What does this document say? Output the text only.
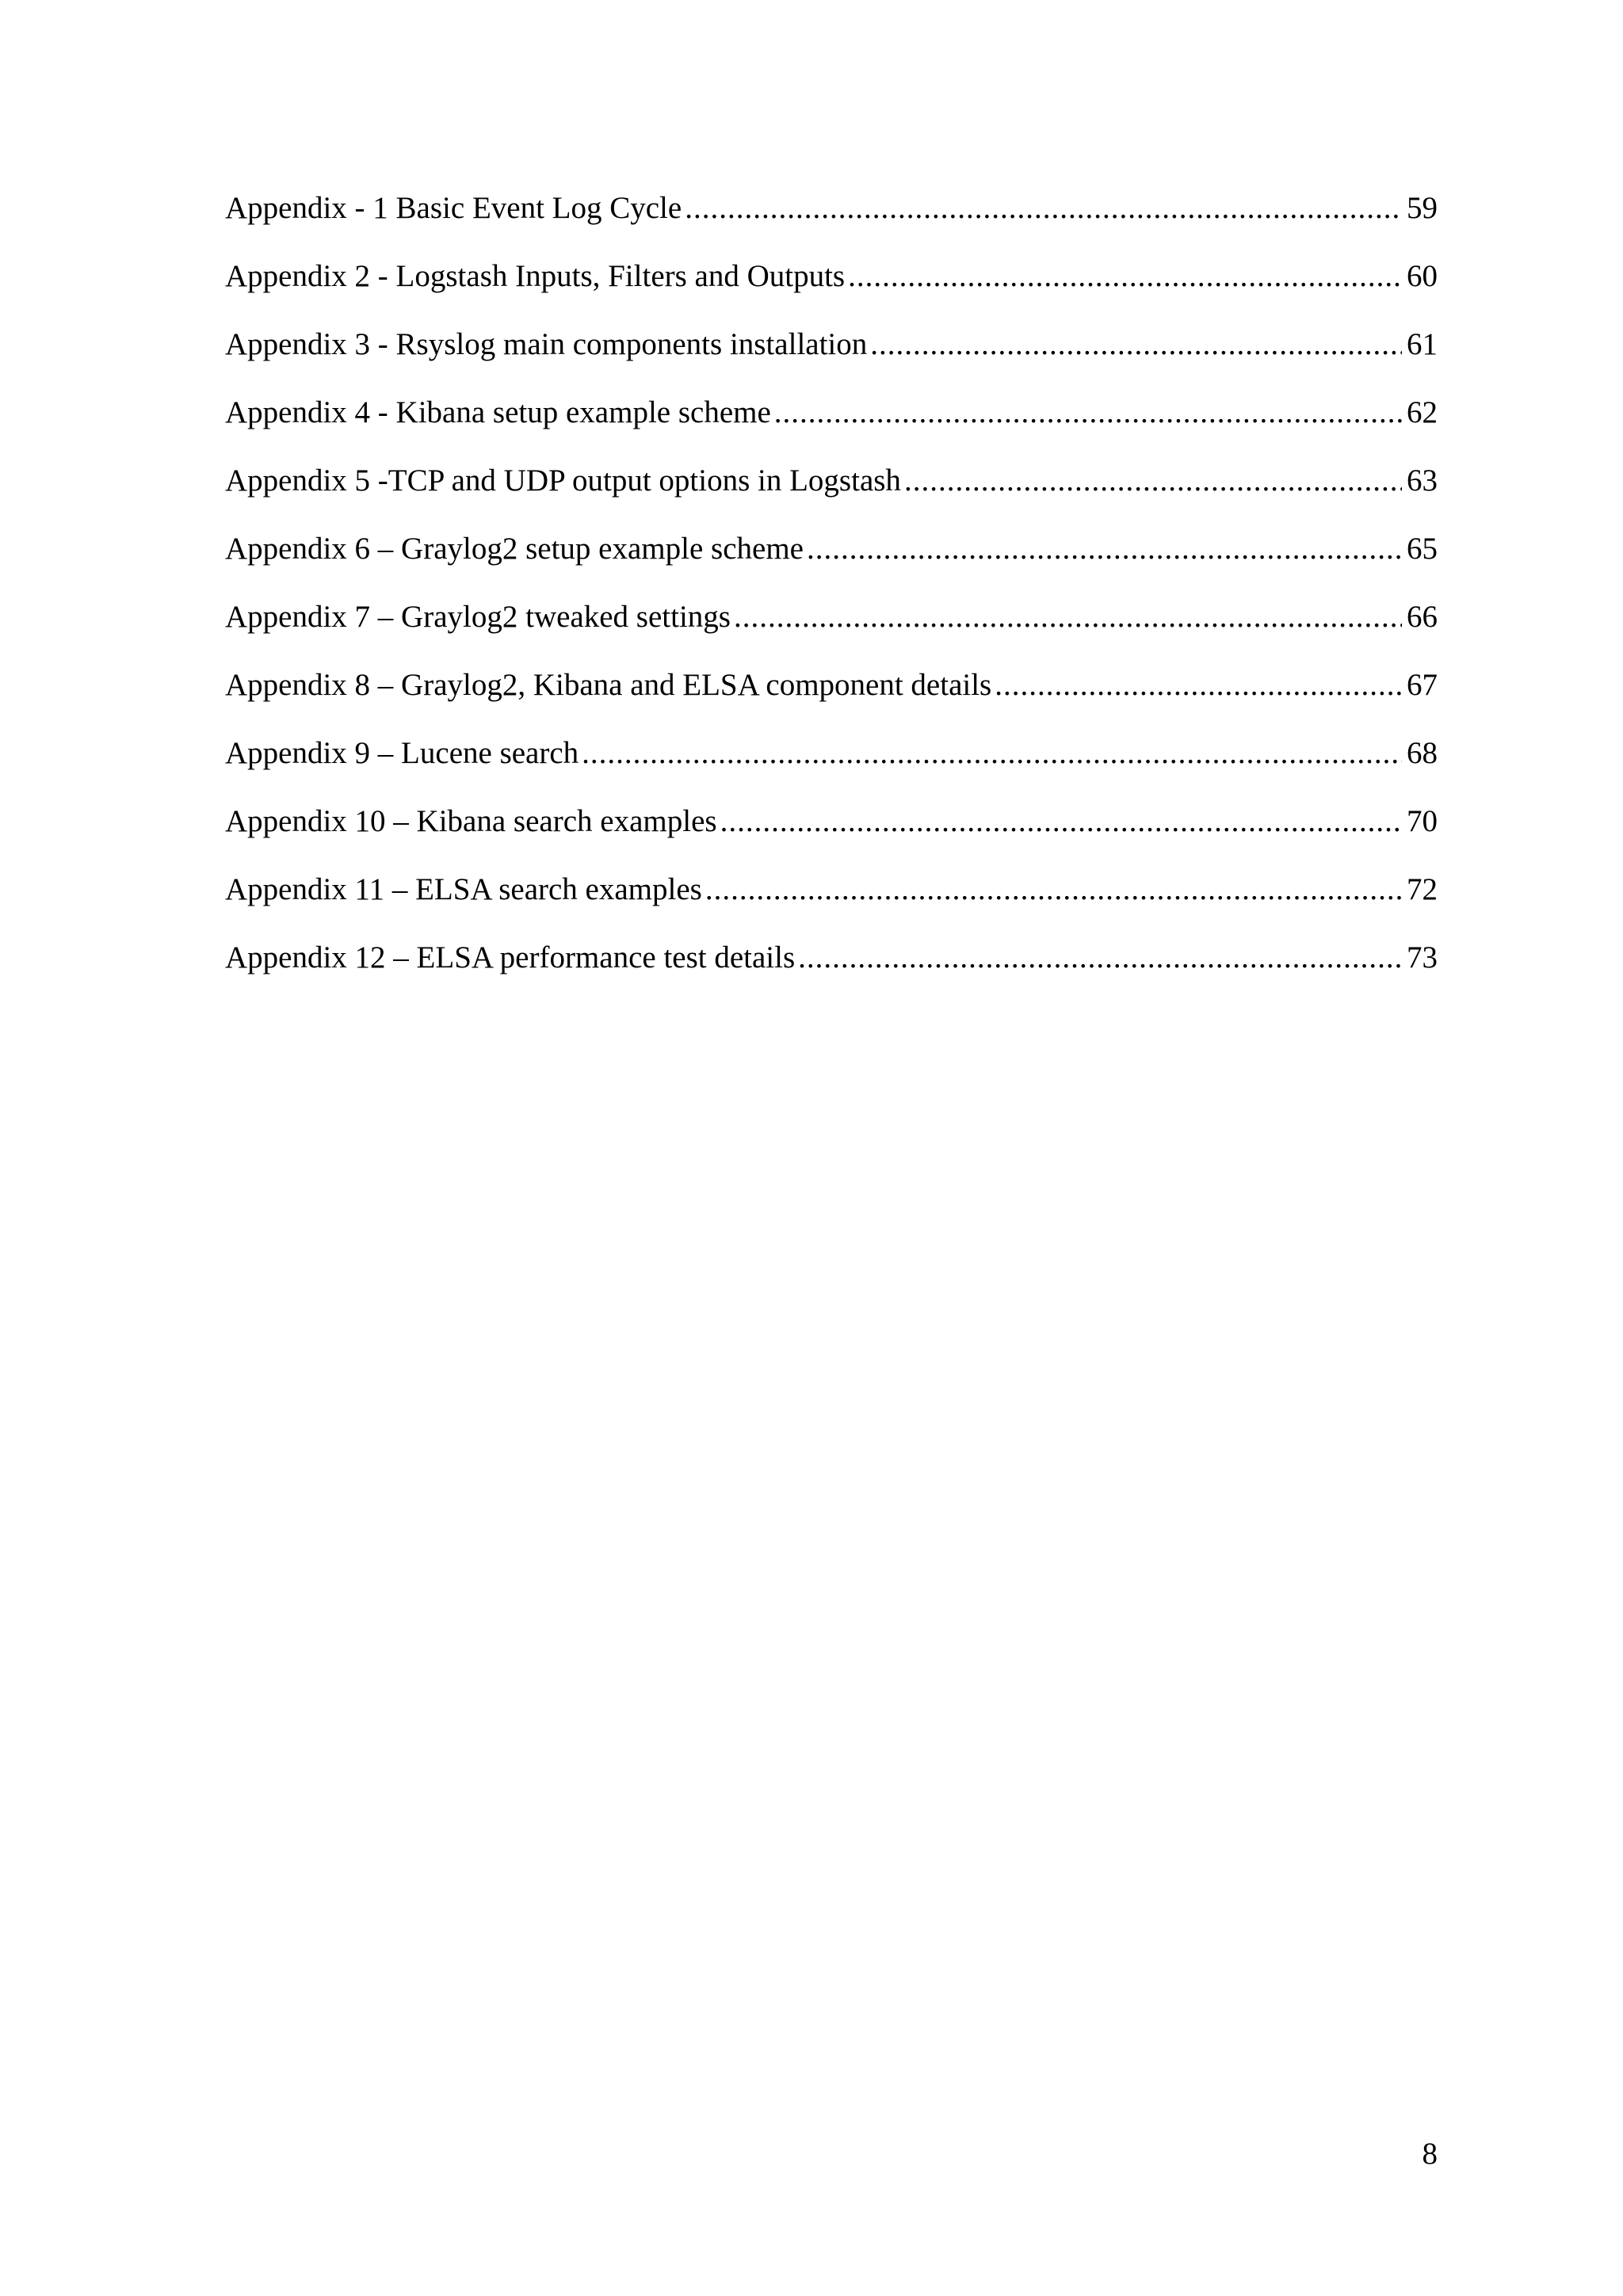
Appendix - 1 Basic Event Log Cycle .....	59
Appendix 2 - Logstash Inputs, Filters and Outputs .....	60
Appendix 3 - Rsyslog main components installation .....	61
Appendix 4 - Kibana setup example scheme .....	62
Appendix 5 -TCP and UDP output options in Logstash .....	63
Appendix 6 – Graylog2 setup example scheme .....	65
Appendix 7 – Graylog2 tweaked settings .....	66
Appendix 8 – Graylog2, Kibana and ELSA component details .....	67
Appendix 9 – Lucene search .....	68
Appendix 10 – Kibana search examples .....	70
Appendix 11 – ELSA search examples .....	72
Appendix 12 – ELSA performance test details .....	73
8
